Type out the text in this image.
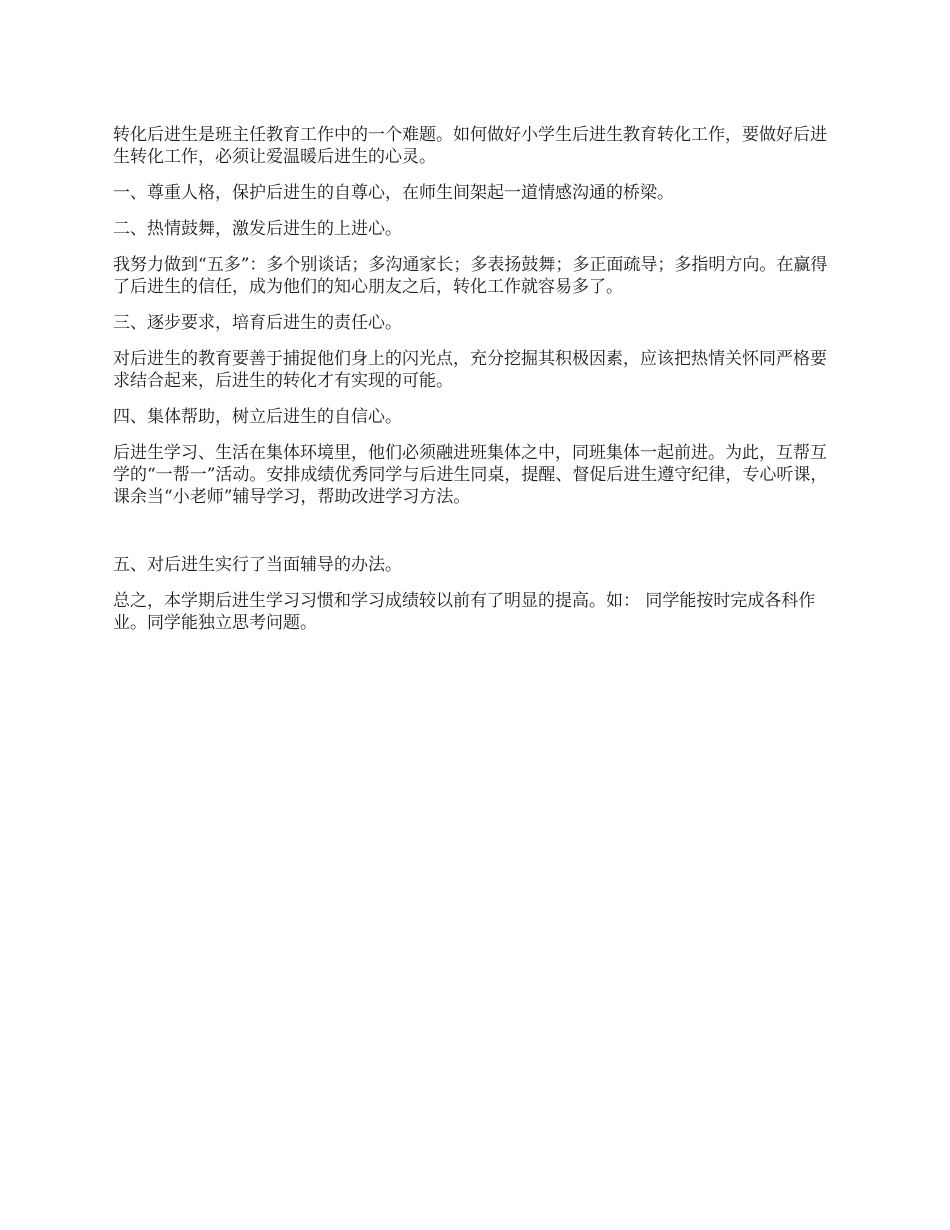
转化后进生是班主任教育工作中的一个难题。如何做好小学生后进生教育转化工作，要做好后进生转化工作，必须让爱温暖后进生的心灵。

一、尊重人格，保护后进生的自尊心，在师生间架起一道情感沟通的桥梁。

二、热情鼓舞，激发后进生的上进心。

我努力做到“五多”：多个别谈话；多沟通家长；多表扬鼓舞；多正面疏导；多指明方向。在赢得了后进生的信任，成为他们的知心朋友之后，转化工作就容易多了。

三、逐步要求，培育后进生的责任心。

对后进生的教育要善于捕捉他们身上的闪光点，充分挖掘其积极因素，应该把热情关怀同严格要求结合起来，后进生的转化才有实现的可能。

四、集体帮助，树立后进生的自信心。

后进生学习、生活在集体环境里，他们必须融进班集体之中，同班集体一起前进。为此，互帮互学的“一帮一”活动。安排成绩优秀同学与后进生同桌，提醒、督促后进生遵守纪律，专心听课，课余当“小老师”辅导学习，帮助改进学习方法。

五、对后进生实行了当面辅导的办法。

总之，本学期后进生学习习惯和学习成绩较以前有了明显的提高。如： 同学能按时完成各科作业。同学能独立思考问题。
